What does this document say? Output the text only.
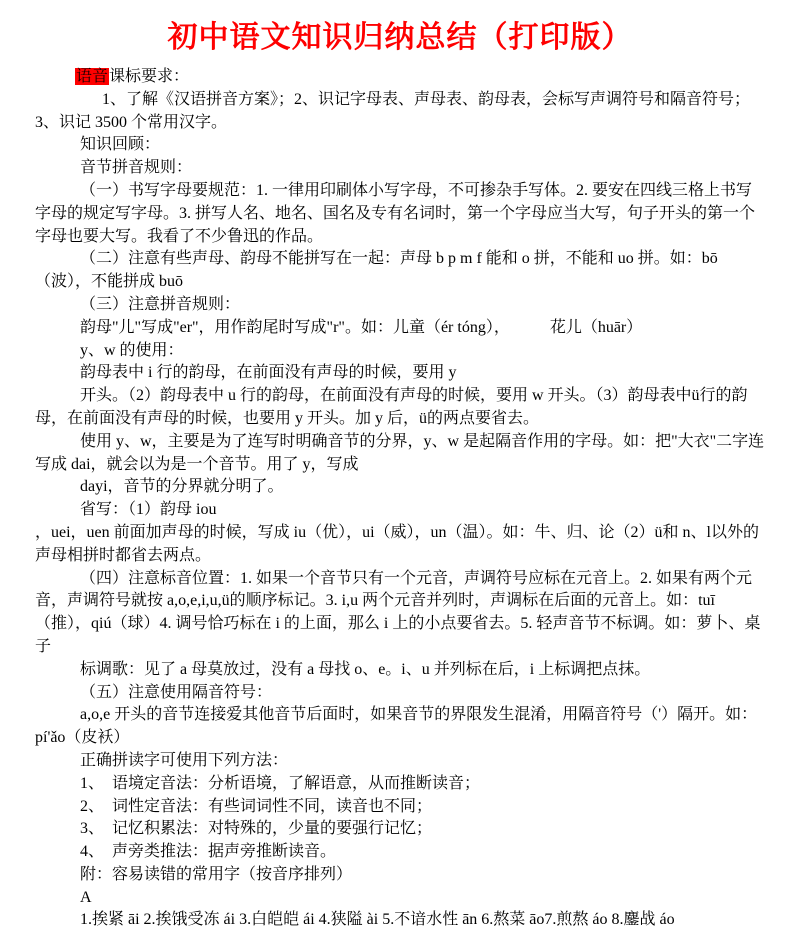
初中语文知识归纳总结（打印版）

语音课标要求：

1、了解《汉语拼音方案》；2、识记字母表、声母表、韵母表，会标写声调符号和隔音符号；3、识记 3500 个常用汉字。

知识回顾：

音节拼音规则：

（一）书写字母要规范：1. 一律用印刷体小写字母，不可掺杂手写体。2. 要安在四线三格上书写字母的规定写字母。3. 拼写人名、地名、国名及专有名词时，第一个字母应当大写，句子开头的第一个字母也要大写。我看了不少鲁迅的作品。

（二）注意有些声母、韵母不能拼写在一起：声母 b p m f 能和 o 拼，不能和 uo 拼。如：bō（波），不能拼成 buō

（三）注意拼音规则：

韵母"儿"写成"er"，用作韵尾时写成"r"。如：儿童（ér tóng），　　　花儿（huār）

y、w 的使用：

韵母表中 i 行的韵母，在前面没有声母的时候，要用 y

开头。（2）韵母表中 u 行的韵母，在前面没有声母的时候，要用 w 开头。（3）韵母表中ü行的韵母，在前面没有声母的时候，也要用 y 开头。加 y 后，ü的两点要省去。

使用 y、w，主要是为了连写时明确音节的分界，y、w 是起隔音作用的字母。如：把"大衣"二字连写成 dai，就会以为是一个音节。用了 y，写成

dayi，音节的分界就分明了。

省写：（1）韵母 iou

，uei，uen 前面加声母的时候，写成 iu（优），ui（威），un（温）。如：牛、归、论（2）ü和 n、l以外的声母相拼时都省去两点。

（四）注意标音位置：1. 如果一个音节只有一个元音，声调符号应标在元音上。2. 如果有两个元音，声调符号就按 a,o,e,i,u,ü的顺序标记。3. i,u 两个元音并列时，声调标在后面的元音上。如：tuī（推），qiú（球）4. 调号恰巧标在 i 的上面，那么 i 上的小点要省去。5. 轻声音节不标调。如：萝卜、桌子

标调歌：见了 a 母莫放过，没有 a 母找 o、e。i、u 并列标在后，i 上标调把点抹。

（五）注意使用隔音符号：

a,o,e 开头的音节连接爱其他音节后面时，如果音节的界限发生混淆，用隔音符号（'）隔开。如：p​í'ǎo（皮袄）

正确拼读字可使用下列方法：

1、　语境定音法：分析语境，了解语意，从而推断读音；

2、　词性定音法：有些词词性不同，读音也不同；

3、　记忆积累法：对特殊的，少量的要强行记忆；

4、　声旁类推法：据声旁推断读音。

附：容易读错的常用字（按音序排列）

A

1.挨紧 āi 2.挨饿受冻 ái 3.白皑皑 ái 4.狭隘 ài 5.不谙水性 ān 6.熬菜 āo7.煎熬 áo 8.鏖战 áo
